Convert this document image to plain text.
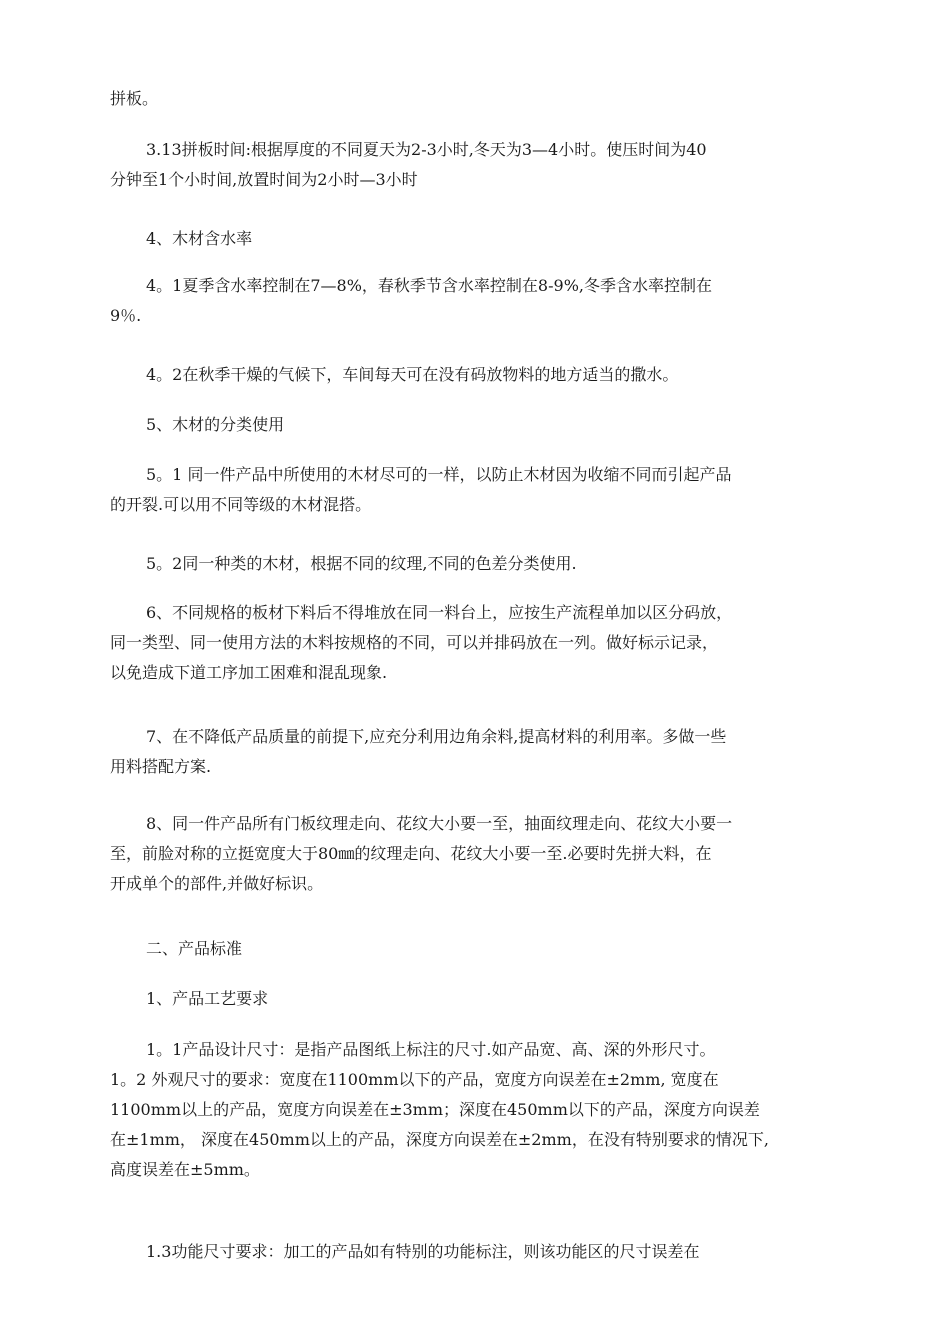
拼板。
3.13拼板时间:根据厚度的不同夏天为2-3小时,冬天为3—4小时。使压时间为40
分钟至1个小时间,放置时间为2小时—3小时
4、木材含水率
4。1夏季含水率控制在7—8%，春秋季节含水率控制在8-9%,冬季含水率控制在
9％.
4。2在秋季干燥的气候下，车间每天可在没有码放物料的地方适当的撒水。
5、木材的分类使用
5。1 同一件产品中所使用的木材尽可的一样，以防止木材因为收缩不同而引起产品
的开裂.可以用不同等级的木材混搭。
5。2同一种类的木材，根据不同的纹理,不同的色差分类使用.
6、不同规格的板材下料后不得堆放在同一料台上，应按生产流程单加以区分码放，
同一类型、同一使用方法的木料按规格的不同，可以并排码放在一列。做好标示记录，
以免造成下道工序加工困难和混乱现象.
7、在不降低产品质量的前提下,应充分利用边角余料,提高材料的利用率。多做一些
用料搭配方案.
8、同一件产品所有门板纹理走向、花纹大小要一至，抽面纹理走向、花纹大小要一
至，前脸对称的立挺宽度大于80㎜的纹理走向、花纹大小要一至.必要时先拼大料，在
开成单个的部件,并做好标识。
二、产品标准
1、产品工艺要求
1。1产品设计尺寸：是指产品图纸上标注的尺寸.如产品宽、高、深的外形尺寸。
1。2 外观尺寸的要求：宽度在1100mm以下的产品，宽度方向误差在±2mm, 宽度在
1100mm以上的产品，宽度方向误差在±3mm；深度在450mm以下的产品，深度方向误差
在±1mm， 深度在450mm以上的产品，深度方向误差在±2mm，在没有特别要求的情况下,
高度误差在±5mm。
1.3功能尺寸要求：加工的产品如有特别的功能标注，则该功能区的尺寸误差在
